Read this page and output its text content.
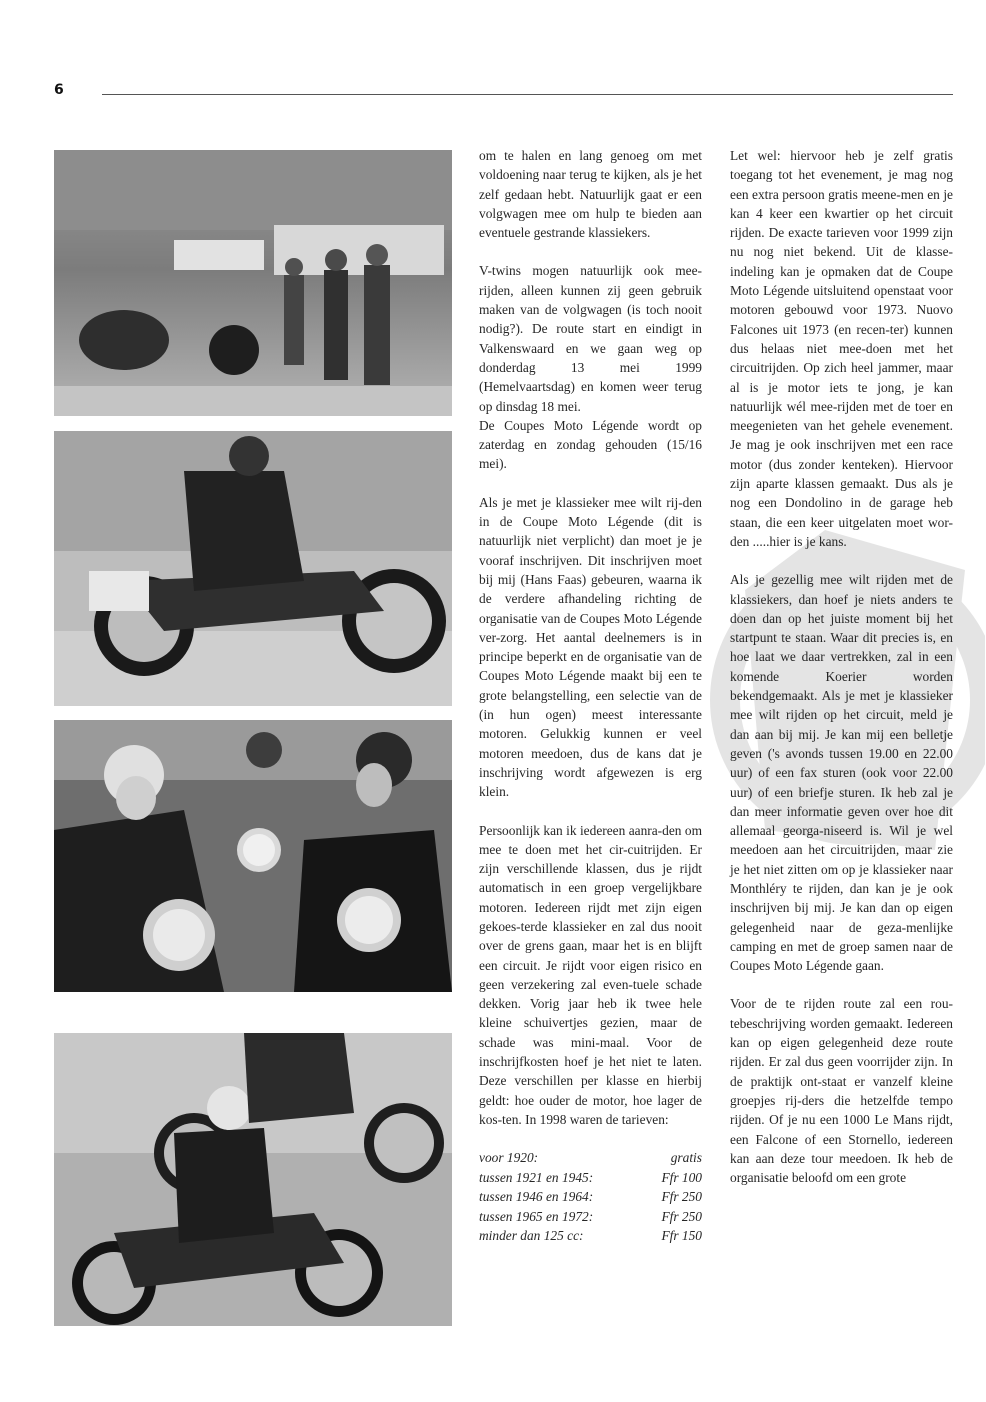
6

om te halen en lang genoeg om met voldoening naar terug te kijken, als je het zelf gedaan hebt. Natuurlijk gaat er een volgwagen mee om hulp te bieden aan eventuele gestrande klassiekers.

V-twins mogen natuurlijk ook mee-rijden, alleen kunnen zij geen gebruik maken van de volgwagen (is toch nooit nodig?). De route start en eindigt in Valkenswaard en we gaan weg op donderdag 13 mei 1999 (Hemelvaartsdag) en komen weer terug op dinsdag 18 mei.

De Coupes Moto Légende wordt op zaterdag en zondag gehouden (15/16 mei).

Als je met je klassieker mee wilt rij-den in de Coupe Moto Légende (dit is natuurlijk niet verplicht) dan moet je je vooraf inschrijven. Dit inschrijven moet bij mij (Hans Faas) gebeuren, waarna ik de verdere afhandeling richting de organisatie van de Coupes Moto Légende ver-zorg. Het aantal deelnemers is in principe beperkt en de organisatie van de Coupes Moto Légende maakt bij een te grote belangstelling, een selectie van de (in hun ogen) meest interessante motoren. Gelukkig kunnen er veel motoren meedoen, dus de kans dat je inschrijving wordt afgewezen is erg klein.

Persoonlijk kan ik iedereen aanra-den om mee te doen met het cir-cuitrijden. Er zijn verschillende klassen, dus je rijdt automatisch in een groep vergelijkbare motoren. Iedereen rijdt met zijn eigen gekoes-terde klassieker en zal dus nooit over de grens gaan, maar het is en blijft een circuit. Je rijdt voor eigen risico en geen verzekering zal even-tuele schade dekken. Vorig jaar heb ik twee hele kleine schuivertjes gezien, maar de schade was mini-maal. Voor de inschrijfkosten hoef je het niet te laten. Deze verschillen per klasse en hierbij geldt: hoe ouder de motor, hoe lager de kos-ten. In 1998 waren de tarieven:

voor 1920:	gratis
tussen 1921 en 1945:	Ffr 100
tussen 1946 en 1964:	Ffr 250
tussen 1965 en 1972:	Ffr 250
minder dan 125 cc:	Ffr 150

Let wel: hiervoor heb je zelf gratis toegang tot het evenement, je mag nog een extra persoon gratis meene-men en je kan 4 keer een kwartier op het circuit rijden. De exacte tarieven voor 1999 zijn nu nog niet bekend. Uit de klasse-indeling kan je opmaken dat de Coupe Moto Légende uitsluitend openstaat voor motoren gebouwd voor 1973. Nuovo Falcones uit 1973 (en recen-ter) kunnen dus helaas niet mee-doen met het circuitrijden. Op zich heel jammer, maar al is je motor iets te jong, je kan natuurlijk wél mee-rijden met de toer en meegenieten van het gehele evenement. Je mag je ook inschrijven met een race motor (dus zonder kenteken). Hiervoor zijn aparte klassen gemaakt. Dus als je nog een Dondolino in de garage heb staan, die een keer uitgelaten moet wor-den .....hier is je kans.

Als je gezellig mee wilt rijden met de klassiekers, dan hoef je niets anders te doen dan op het juiste moment bij het startpunt te staan. Waar dit precies is, en hoe laat we daar vertrekken, zal in een komende Koerier worden bekendgemaakt. Als je met je klassieker mee wilt rijden op het circuit, meld je dan aan bij mij. Je kan mij een belletje geven ('s avonds tussen 19.00 en 22.00 uur) of een fax sturen (ook voor 22.00 uur) of een briefje sturen. Ik heb zal je dan meer informatie geven over hoe dit allemaal georga-niseerd is. Wil je wel meedoen aan het circuitrijden, maar zie je het niet zitten om op je klassieker naar Monthléry te rijden, dan kan je je ook inschrijven bij mij. Je kan dan op eigen gelegenheid naar de geza-menlijke camping en met de groep samen naar de Coupes Moto Légende gaan.

Voor de te rijden route zal een rou-tebeschrijving worden gemaakt. Iedereen kan op eigen gelegenheid deze route rijden. Er zal dus geen voorrijder zijn. In de praktijk ont-staat er vanzelf kleine groepjes rij-ders die hetzelfde tempo rijden. Of je nu een 1000 Le Mans rijdt, een Falcone of een Stornello, iedereen kan aan deze tour meedoen. Ik heb de organisatie beloofd om een grote
